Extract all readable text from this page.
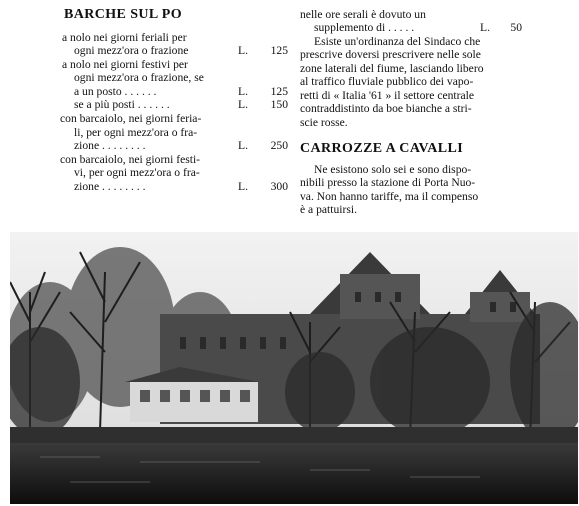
BARCHE SUL PO
a nolo nei giorni feriali per
ogni mezz'ora o frazione	L. 125
a nolo nei giorni festivi per
ogni mezz'ora o frazione, se
a un posto . . . . . .	L. 125
se a più posti . . . . . .	L. 150
con barcaiolo, nei giorni feria-
li, per ogni mezz'ora o fra-
zione . . . . . . . .	L. 250
con barcaiolo, nei giorni festi-
vi, per ogni mezz'ora o fra-
zione . . . . . . . .	L. 300
nelle ore serali è dovuto un
supplemento di . . . . .	L. 50
Esiste un'ordinanza del Sindaco che
prescrive doversi prescrivere nelle sole
zone laterali del fiume, lasciando libero
al traffico fluviale pubblico dei vapo-
retti di « Italia '61 » il settore centrale
contraddistinto da boe bianche a stri-
scie rosse.
CARROZZE A CAVALLI
Ne esistono solo sei e sono dispo-
nibili presso la stazione di Porta Nuo-
va. Non hanno tariffe, ma il compenso
è a pattuirsi.
